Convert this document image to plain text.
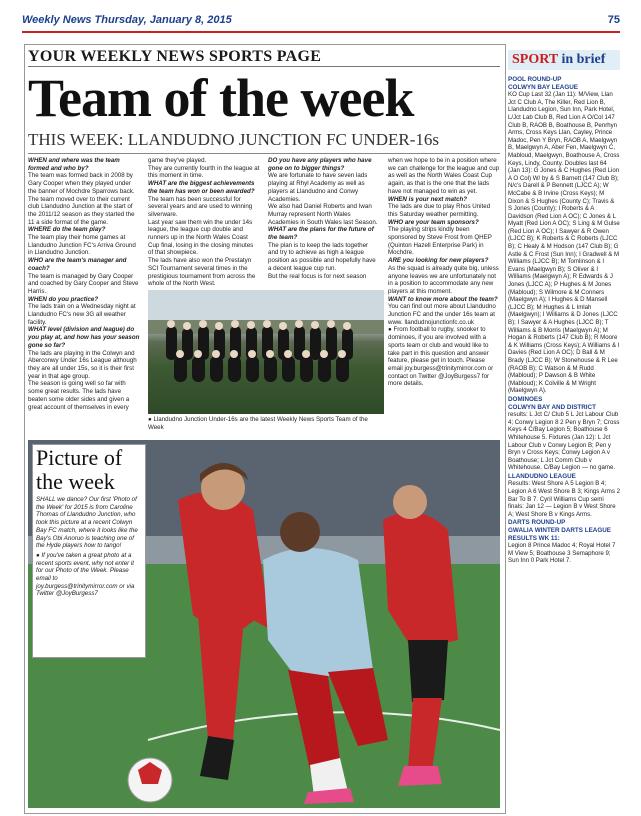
Weekly News Thursday, January 8, 2015	75
YOUR WEEKLY NEWS SPORTS PAGE
Team of the week
THIS WEEK: LLANDUDNO JUNCTION FC UNDER-16s

WHEN and where was the team formed and who by?

The team was formed back in 2008 by Gary Cooper when they played under the banner of Mochdre Sparrows back.

The team moved over to their current club Llandudno Junction at the start of the 2011/12 season as they started the 11 a side format of the game.

WHERE do the team play?

The team play their home games at Llandudno Junction FC's Arriva Ground in Llandudno Junction.

WHO are the team's manager and coach?

The team is managed by Gary Cooper and coached by Gary Cooper and Steve Harris.

WHEN do you practice?

The lads train on a Wednesday night at Llandudno FC's new 3G all weather facility.

WHAT level (division and league) do you play at, and how has your season gone so far?

The lads are playing in the Colwyn and Aberconwy Under 16s League although they are all under 15s, so it is their first year in that age group.

The season is going well so far with some great results. The lads have beaten some older sides and given a great account of themselves in every

game they've played.

They are currently fourth in the league at this moment in time.

WHAT are the biggest achievements the team has won or been awarded?

The team has been successful for several years and are used to winning silverware.

Last year saw them win the under 14s league, the league cup double and runners up in the North Wales Coast Cup final, losing in the closing minutes of that showpiece.

The lads have also won the Prestatyn SCI Tournament several times in the prestigious tournament from across the whole of the North West.

DO you have any players who have gone on to bigger things?

We are fortunate to have seven lads playing at Rhyl Academy as well as players at Llandudno and Conwy Academies.

We also had Daniel Roberts and Iwan Murray represent North Wales Academies in South Wales last Season.

WHAT are the plans for the future of the team?

The plan is to keep the lads together and try to achieve as high a league position as possible and hopefully have a decent league cup run.

But the real focus is for next season

when we hope to be in a position where we can challenge for the league and cup as well as the North Wales Coast Cup again, as that is the one that the lads have not managed to win as yet.

WHEN is your next match?

The lads are due to play Rhos United this Saturday weather permitting.

WHO are your team sponsors?

The playing strips kindly been sponsored by Steve Frost from QHEP (Quinton Hazell Enterprise Park) in Mochdre.

ARE you looking for new players?

As the squad is already quite big, unless anyone leaves we are unfortunately not in a position to accommodate any new players at this moment.

WANT to know more about the team?

You can find out more about Llandudno Junction FC and the under 16s team at www. llandudnojunctionfc.co.uk

● From football to rugby, snooker to dominoes, if you are involved with a sports team or club and would like to take part in this question and answer feature, please get in touch. Please email joy.burgess@trinitymirror.com or contact on Twitter @JoyBurgess7 for more details.

● Llandudno Junction Under-16s are the latest Weekly News Sports Team of the Week
Picture of the week

SHALL we dance? Our first 'Photo of the Week' for 2015 is from Caroline Thomas of Llandudno Junction, who took this picture at a recent Colwyn Bay FC match, where it looks like the Bay's Obi Anoruo is teaching one of the Hyde players how to tango!

● If you've taken a great photo at a recent sports event, why not enter it for our Photo of the Week. Please email to joy.burgess@trinitymirror.com or via Twitter @JoyBurgess7

SPORT in brief
POOL ROUND-UP
COLWYN BAY LEAGUE

KO Cup Last 32 (Jan 11): M/View, Llan Jct C Club A, The Killer, Red Lion B, Llandudno Legion, Sun Inn, Park Hotel, L/Jct Lab Club B, Red Lion A O/Col 147 Club B, RAOB B, Boathouse B, Penrhyn Arms, Cross Keys Llan, Cayley, Prince Madoc, Pen Y Bryn, RAOB A, Maelgwyn B, Maelgwyn A, Aber Fen, Maelgwyn C, Mabloud, Maelgwyn, Boathouse A, Cross Keys, Lindy, County. Doubles last 64 (Jan 13): G Jones & C Hughes (Red Lion A O Col) W/ by & S Barnett (147 Club B); N/c's Darell & P Bennett (LJCC A); W McCabe & B Irvine (Cross Keys); M Dixon & S Hughes (County C); Travis & S Jones (County); I Roberts & A Davidson (Red Lion A OC); C Jones & L Myatt (Red Lion A OC); S Ling & M Gulse (Red Lion A OC); I Sawyer & R Owen (LJCC B); K Roberts & C Roberts (LJCC B); C Healy & M Hodson (147 Club B); G Astle & C Frost (Sun Inn); I Gradwell & M Williams (LJCC B); M Tomlinson & I Evans (Maelgwyn B); S Oliver & I Williams (Maelgwyn A); R Edwards & J Jones (LJCC A); P Hughes & M Jones (Mabloud); S Wilmore & M Conners (Maelgwyn A); I Hughes & D Mansell (LJCC B); M Hughes & L Imlah (Maelgwyn); I Williams & D Jones (LJCC B); I Sawyer & A Hughes (LJCC B); T Williams & B Morris (Maelgwyn A); M Hogan & Roberts (147 Club B); R Moore & K Williams (Cross Keys); A Williams & I Davies (Red Lion A OC); D Ball & M Brady (LJCC B); W Stonehouse & R Lee (RAOB B); C Watson & M Rudd (Mabloud); P Dawson & B White (Mabloud); K Colville & M Wright (Maelgwyn A).

DOMINOES
COLWYN BAY AND DISTRICT

results: L Jct C/ Club 5 L Jct Labour Club 4; Conwy Legion 8 2 Pen y Bryn 7; Cross Keys 4 C/Bay Legion 5; Boathouse 6 Whitehouse 5. Fixtures (Jan 12): L Jct Labour Club v Conwy Legion B; Pen y Bryn v Cross Keys; Conwy Legion A v Boathouse; L Jct Comm Club v Whitehouse. C/Bay Legion — no game.

LLANDUDNO LEAGUE

Results: West Shore A 5 Legion B 4; Legion A 6 West Shore B 3; Kings Arms 2 Bar To B 7. Cyril Williams Cup semi finals: Jan 12 — Legion B v West Shore A; West Shore B v Kings Arms.

DARTS ROUND-UP
GWALIA WINTER DARTS LEAGUE RESULTS WK 11:

Legion 8 Prince Madoc 4; Royal Hotel 7 M View 5; Boathouse 3 Semaphore 9; Sun Inn 0 Park Hotel 7.
